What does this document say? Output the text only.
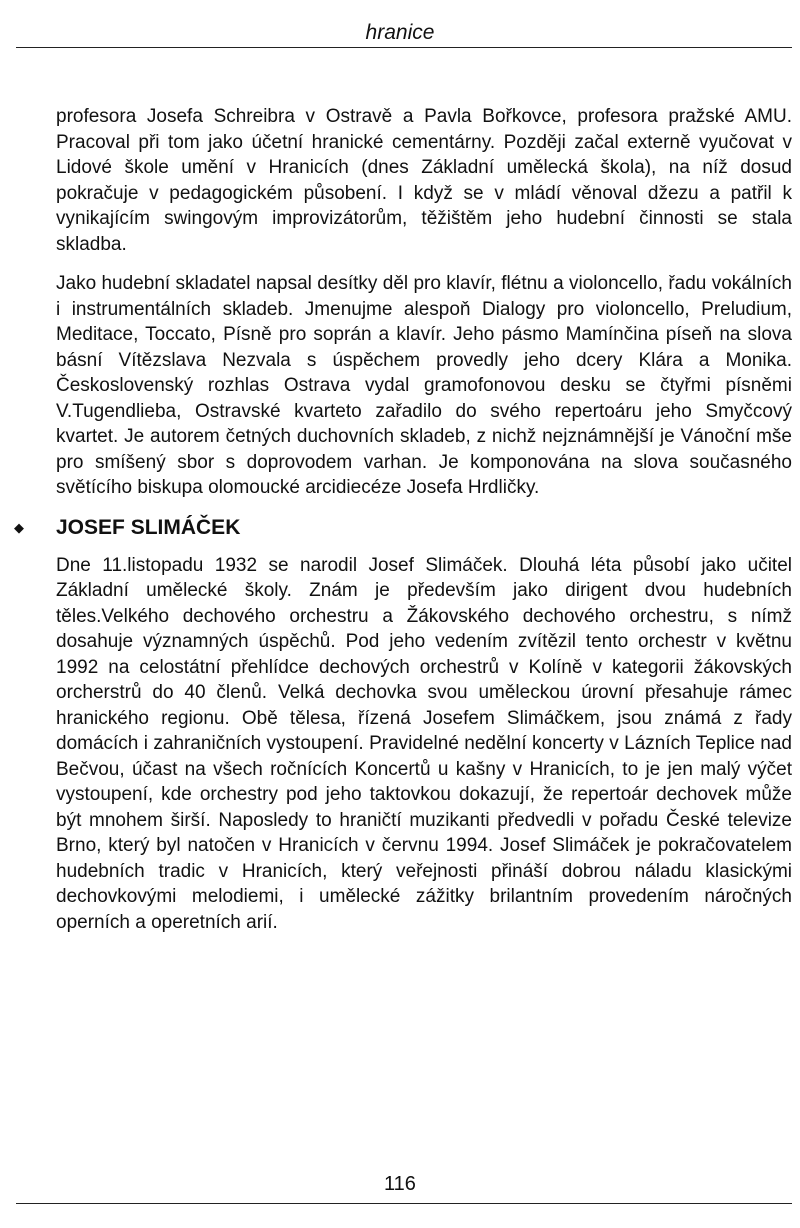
hranice

profesora Josefa Schreibra v Ostravě a Pavla Bořkovce, profesora pražské AMU. Pracoval při tom jako účetní hranické cementárny. Později začal externě vyučovat v Lidové škole umění v Hranicích (dnes Základní umělecká škola), na níž dosud pokračuje v pedagogickém působení. I když se v mládí věnoval džezu a patřil k vynikajícím swingovým improvizátorům, těžištěm jeho hudební činnosti se stala skladba.

Jako hudební skladatel napsal desítky děl pro klavír, flétnu a violoncello, řadu vokálních i instrumentálních skladeb. Jmenujme alespoň Dialogy pro violoncello, Preludium, Meditace, Toccato, Písně pro soprán a klavír. Jeho pásmo Mamínčina píseň na slova básní Vítězslava Nezvala s úspěchem provedly jeho dcery Klára a Monika. Československý rozhlas Ostrava vydal gramofonovou desku se čtyřmi písněmi V.Tugendlieba, Ostravské kvarteto zařadilo do svého repertoáru jeho Smyčcový kvartet. Je autorem četných duchovních skladeb, z nichž nejznámnější je Vánoční mše pro smíšený sbor s doprovodem varhan. Je komponována na slova současného světícího biskupa olomoucké arcidiecéze Josefa Hrdličky.

◆ JOSEF SLIMÁČEK

Dne 11.listopadu 1932 se narodil Josef Slimáček. Dlouhá léta působí jako učitel Základní umělecké školy. Znám je především jako dirigent dvou hudebních těles.Velkého dechového orchestru a Žákovského dechového orchestru, s nímž dosahuje významných úspěchů. Pod jeho vedením zvítězil tento orchestr v květnu 1992 na celostátní přehlídce dechových orchestrů v Kolíně v kategorii žákovských orcherstrů do 40 členů. Velká dechovka svou uměleckou úrovní přesahuje rámec hranického regionu. Obě tělesa, řízená Josefem Slimáčkem, jsou známá z řady domácích i zahraničních vystoupení. Pravidelné nedělní koncerty v Lázních Teplice nad Bečvou, účast na všech ročnících Koncertů u kašny v Hranicích, to je jen malý výčet vystoupení, kde orchestry pod jeho taktovkou dokazují, že repertoár dechovek může být mnohem širší. Naposledy to hraničtí muzikanti předvedli v pořadu České televize Brno, který byl natočen v Hranicích v červnu 1994. Josef Slimáček je pokračovatelem hudebních tradic v Hranicích, který veřejnosti přináší dobrou náladu klasickými dechovkovými melodiemi, i umělecké zážitky brilantním provedením náročných operních a operetních arií.

116
